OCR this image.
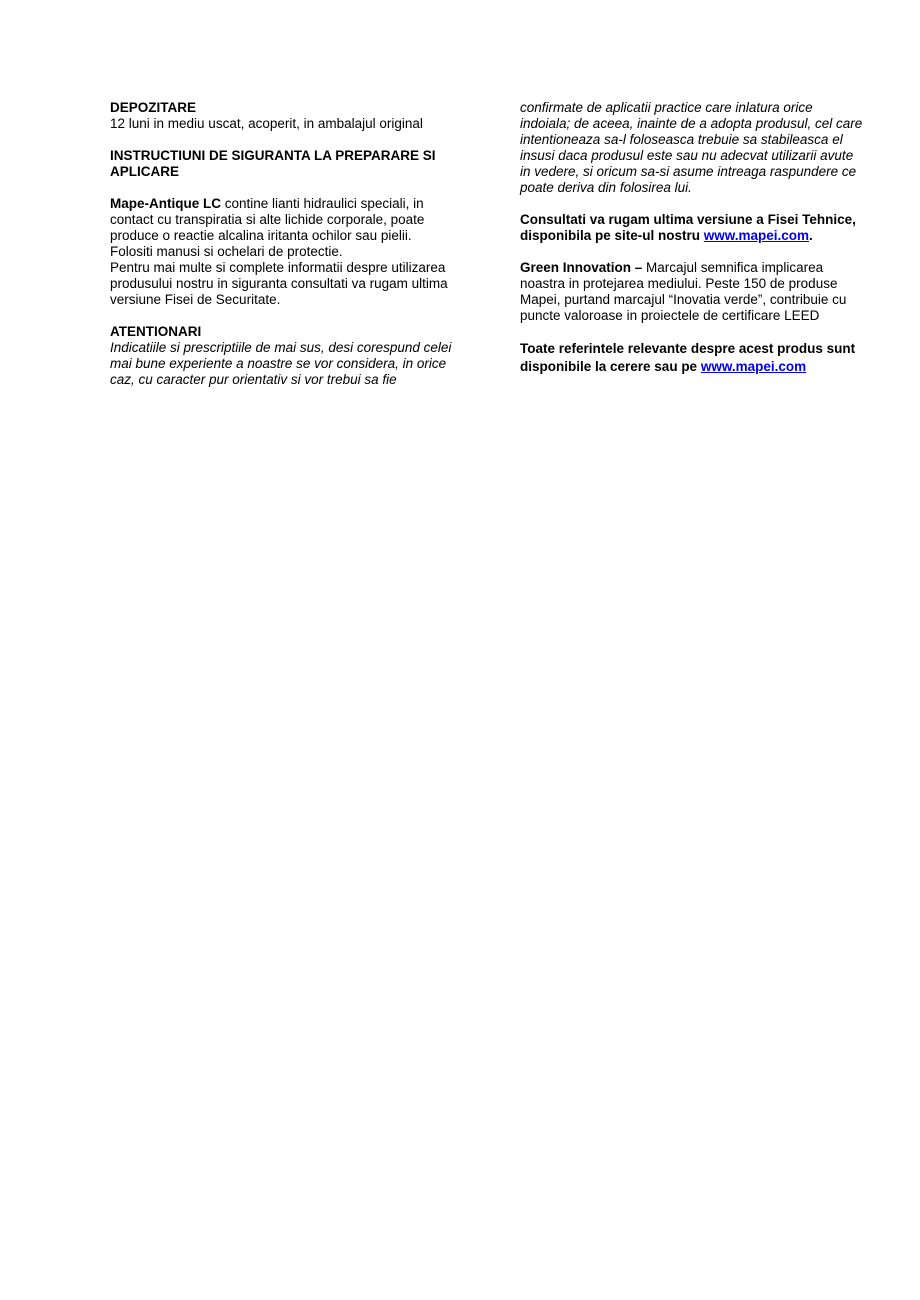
DEPOZITARE

12 luni in mediu uscat, acoperit, in ambalajul original

INSTRUCTIUNI DE SIGURANTA LA PREPARARE SI

APLICARE

Mape-Antique LC contine lianti hidraulici speciali, in

contact cu transpiratia si alte lichide corporale, poate

produce o reactie alcalina iritanta ochilor sau pielii.

Folositi manusi si ochelari de protectie.

Pentru mai multe si complete informatii despre utilizarea

produsului nostru in siguranta consultati va rugam ultima

versiune Fisei de Securitate.

ATENTIONARI

Indicatiile si prescriptiile de mai sus, desi corespund celei

mai bune experiente a noastre se vor considera, in orice

caz, cu caracter pur orientativ si vor trebui sa fie

confirmate de aplicatii practice care inlatura orice

indoiala; de aceea, inainte de a adopta produsul, cel care

intentioneaza sa-l foloseasca trebuie sa stabileasca el

insusi daca produsul este sau nu adecvat utilizarii avute

in vedere, si oricum sa-si asume intreaga raspundere ce

poate deriva din folosirea lui.

Consultati va rugam ultima versiune a Fisei Tehnice,

disponibila pe site-ul nostru www.mapei.com.

Green Innovation – Marcajul semnifica implicarea

noastra in protejarea mediului. Peste 150 de produse

Mapei, purtand marcajul “Inovatia verde”, contribuie cu

puncte valoroase in proiectele de certificare LEED

Toate referintele relevante despre acest produs sunt

disponibile la cerere sau pe www.mapei.com
